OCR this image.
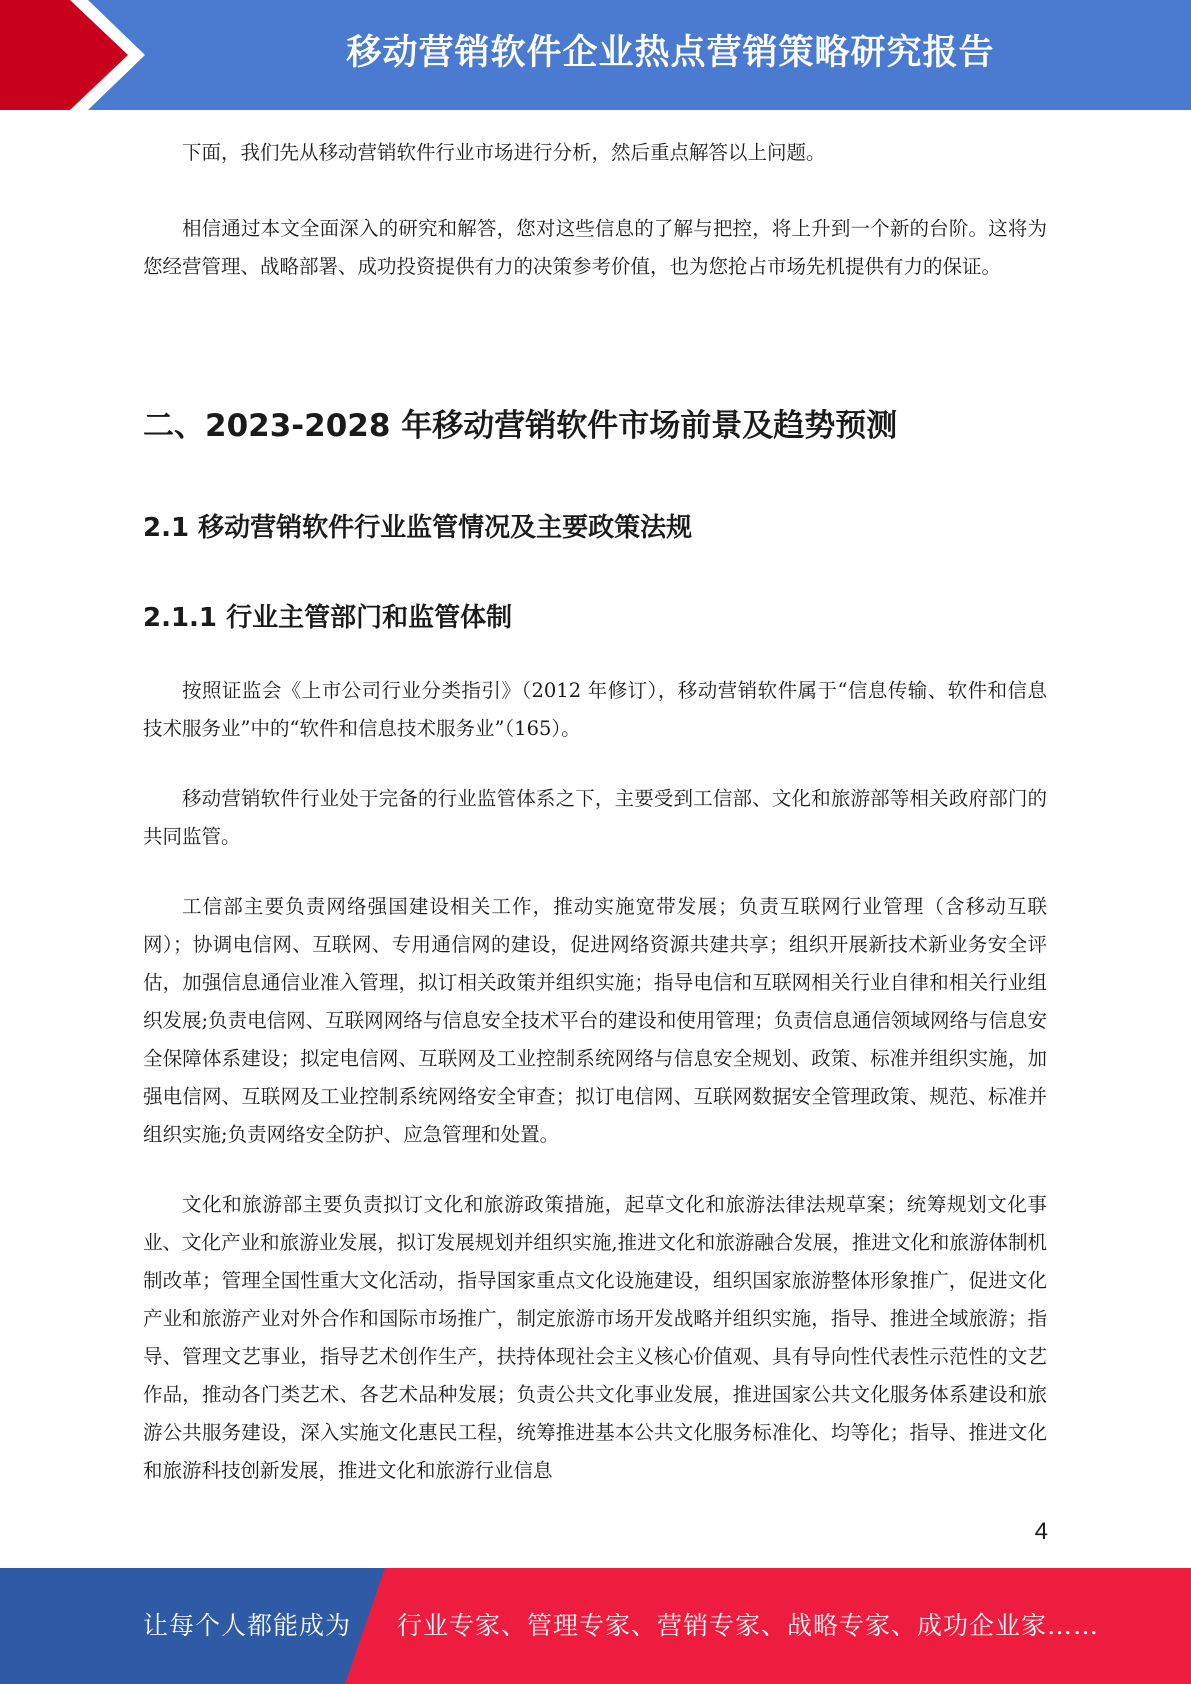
移动营销软件企业热点营销策略研究报告

下面，我们先从移动营销软件行业市场进行分析，然后重点解答以上问题。

相信通过本文全面深入的研究和解答，您对这些信息的了解与把控，将上升到一个新的台阶。这将为您经营管理、战略部署、成功投资提供有力的决策参考价值，也为您抢占市场先机提供有力的保证。

二、2023-2028 年移动营销软件市场前景及趋势预测
2.1 移动营销软件行业监管情况及主要政策法规
2.1.1 行业主管部门和监管体制

按照证监会《上市公司行业分类指引》（2012 年修订），移动营销软件属于“信息传输、软件和信息技术服务业”中的“软件和信息技术服务业”（165）。

移动营销软件行业处于完备的行业监管体系之下，主要受到工信部、文化和旅游部等相关政府部门的共同监管。

工信部主要负责网络强国建设相关工作，推动实施宽带发展；负责互联网行业管理（含移动互联网）；协调电信网、互联网、专用通信网的建设，促进网络资源共建共享；组织开展新技术新业务安全评估，加强信息通信业准入管理，拟订相关政策并组织实施；指导电信和互联网相关行业自律和相关行业组织发展;负责电信网、互联网网络与信息安全技术平台的建设和使用管理；负责信息通信领域网络与信息安全保障体系建设；拟定电信网、互联网及工业控制系统网络与信息安全规划、政策、标准并组织实施，加强电信网、互联网及工业控制系统网络安全审查；拟订电信网、互联网数据安全管理政策、规范、标准并组织实施;负责网络安全防护、应急管理和处置。

文化和旅游部主要负责拟订文化和旅游政策措施，起草文化和旅游法律法规草案；统筹规划文化事业、文化产业和旅游业发展，拟订发展规划并组织实施,推进文化和旅游融合发展，推进文化和旅游体制机制改革；管理全国性重大文化活动，指导国家重点文化设施建设，组织国家旅游整体形象推广，促进文化产业和旅游产业对外合作和国际市场推广，制定旅游市场开发战略并组织实施，指导、推进全域旅游；指导、管理文艺事业，指导艺术创作生产，扶持体现社会主义核心价值观、具有导向性代表性示范性的文艺作品，推动各门类艺术、各艺术品种发展；负责公共文化事业发展，推进国家公共文化服务体系建设和旅游公共服务建设，深入实施文化惠民工程，统筹推进基本公共文化服务标准化、均等化；指导、推进文化和旅游科技创新发展，推进文化和旅游行业信息

4
让每个人都能成为 行业专家、管理专家、营销专家、战略专家、成功企业家……
